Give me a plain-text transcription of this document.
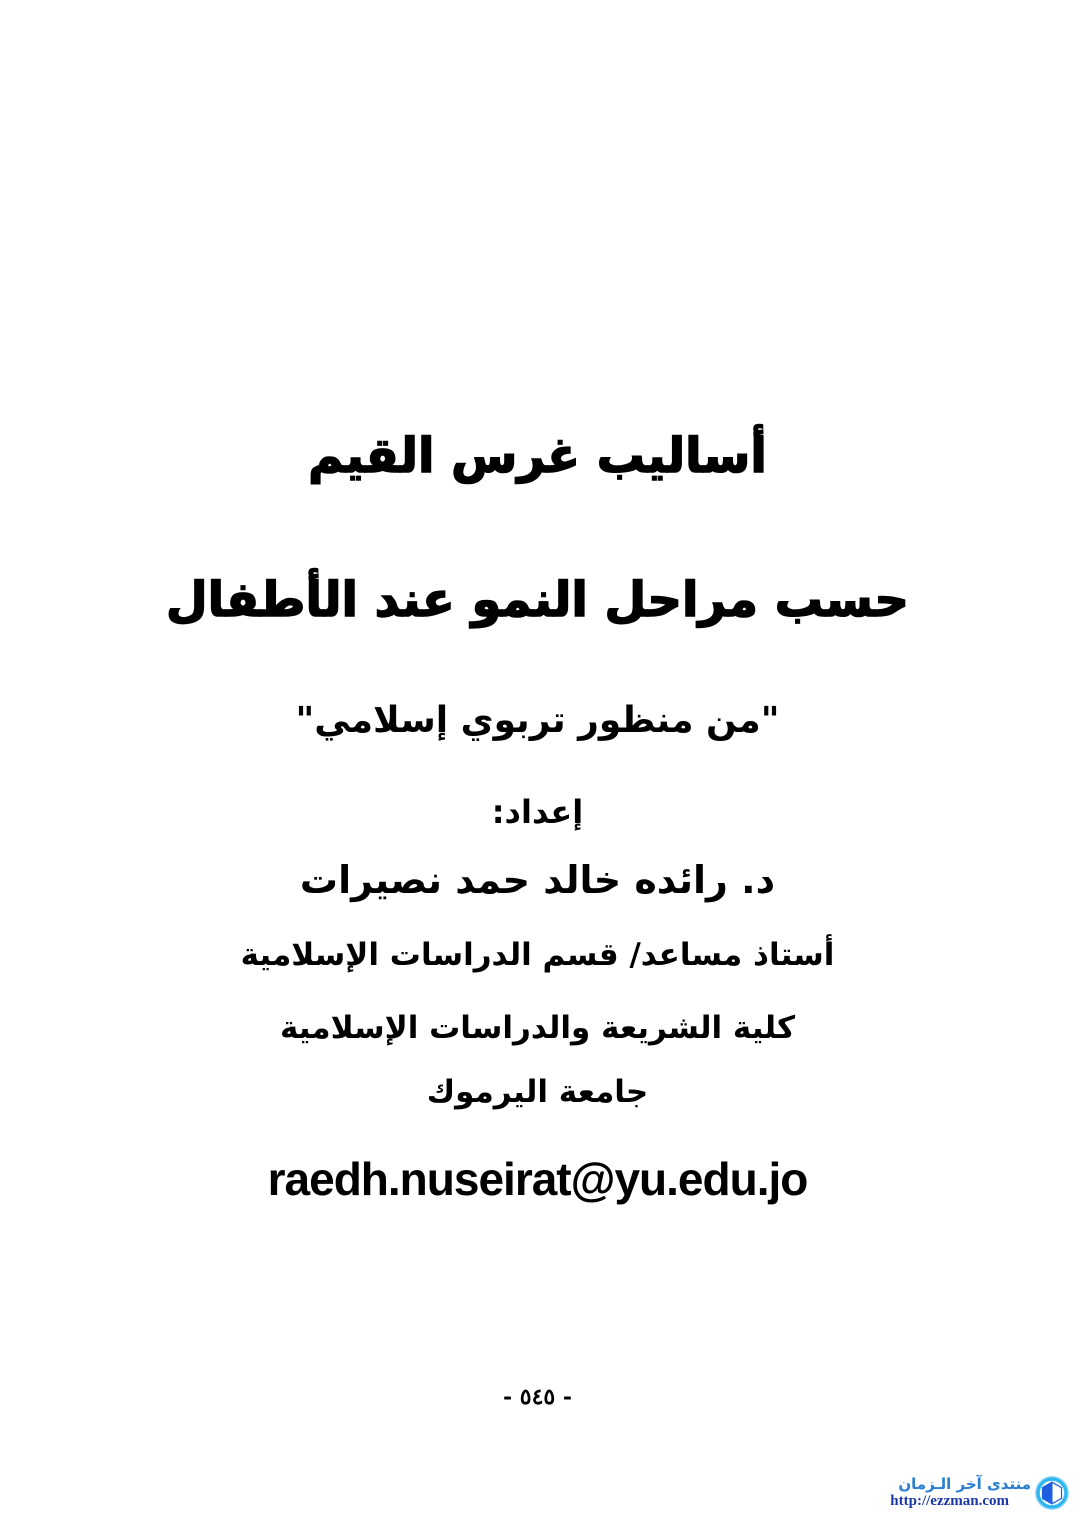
أساليب غرس القيم
حسب مراحل النمو عند الأطفال
"من منظور تربوي إسلامي"
إعداد:
د. رائده خالد حمد نصيرات
أستاذ مساعد/ قسم الدراسات الإسلامية
كلية الشريعة والدراسات الإسلامية
جامعة اليرموك
raedh.nuseirat@yu.edu.jo
- ٥٤٥ -
منتدى آخر الـزمان
http://ezzman.com
